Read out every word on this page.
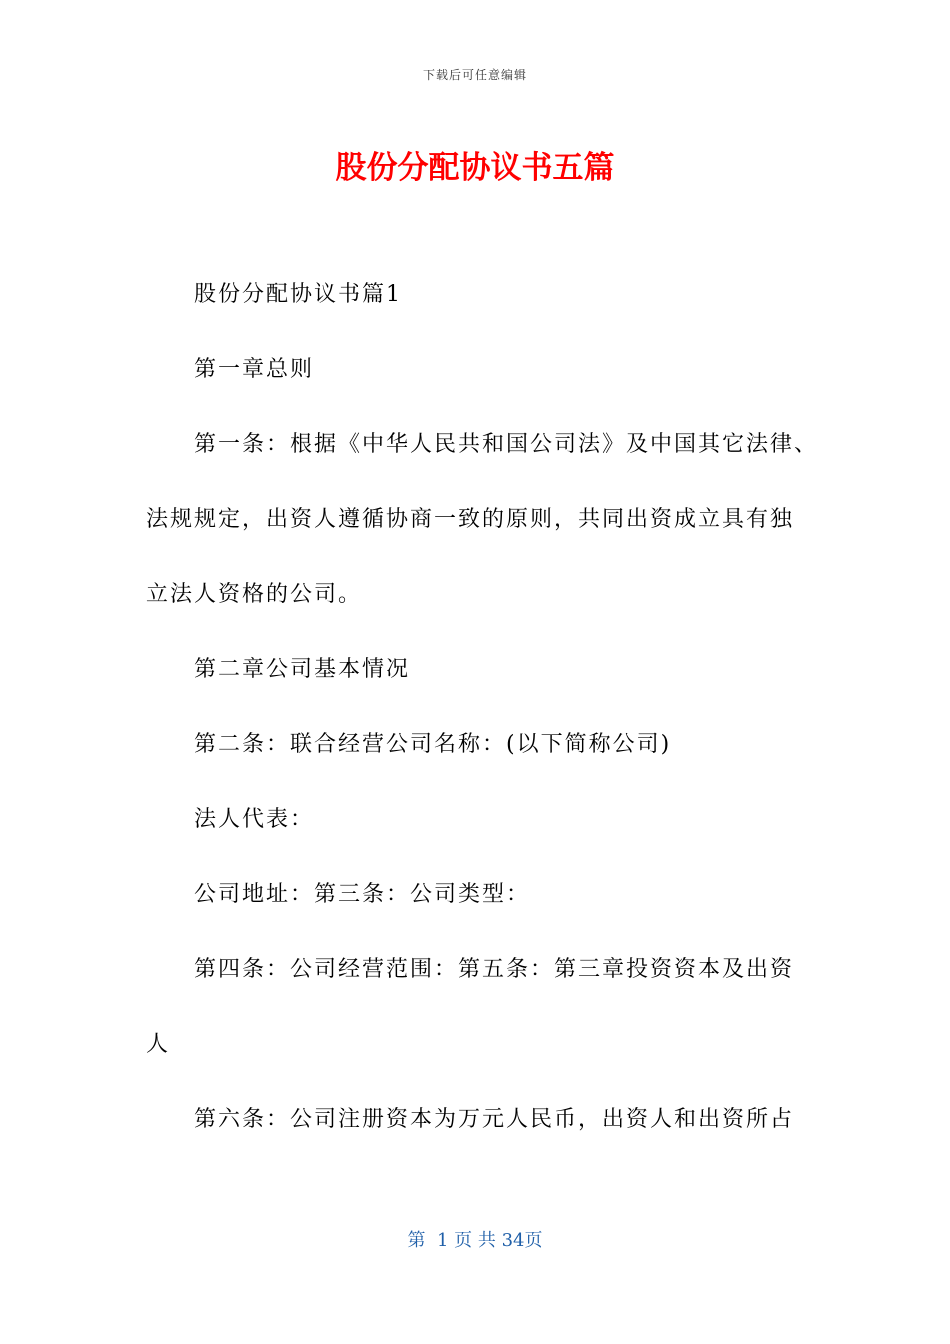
下载后可任意编辑
股份分配协议书五篇
股份分配协议书篇1
第一章总则
第一条：根据《中华人民共和国公司法》及中国其它法律、
法规规定，出资人遵循协商一致的原则，共同出资成立具有独
立法人资格的公司。
第二章公司基本情况
第二条：联合经营公司名称：(以下简称公司)
法人代表：
公司地址：第三条：公司类型：
第四条：公司经营范围：第五条：第三章投资资本及出资
人
第六条：公司注册资本为万元人民币，出资人和出资所占
第  1 页 共 34页
